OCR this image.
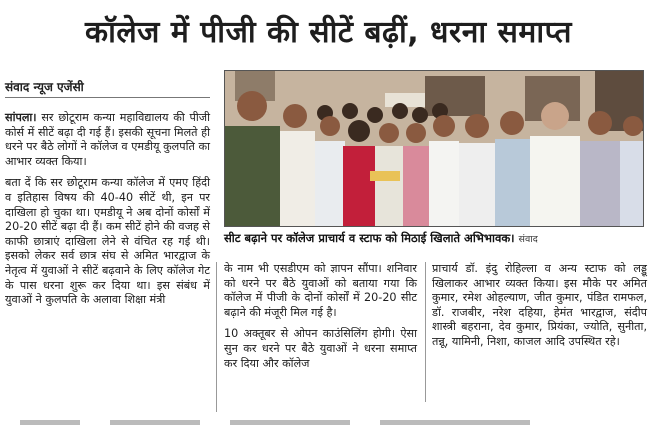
कॉलेज में पीजी की सीटें बढ़ीं, धरना समाप्त
संवाद न्यूज एजेंसी

सांपला। सर छोटूराम कन्या महाविद्यालय की पीजी कोर्स में सीटें बढ़ा दी गई हैं। इसकी सूचना मिलते ही धरने पर बैठे लोगों ने कॉलेज व एमडीयू कुलपति का आभार व्यक्त किया।

बता दें कि सर छोटूराम कन्या कॉलेज में एमए हिंदी व इतिहास विषय की 40-40 सीटें थी, इन पर दाखिला हो चुका था। एमडीयू ने अब दोनों कोर्सों में 20-20 सीटें बढ़ा दी हैं। कम सीटें होने की वजह से काफी छात्राएं दाखिला लेने से वंचित रह गई थी। इसको लेकर सर्व छात्र संघ से अमित भारद्वाज के नेतृत्व में युवाओं ने सीटें बढ़वाने के लिए कॉलेज गेट के पास धरना शुरू कर दिया था। इस संबंध में युवाओं ने कुलपति के अलावा शिक्षा मंत्री

सीट बढ़ाने पर कॉलेज प्राचार्य व स्टाफ को मिठाई खिलाते अभिभावक। संवाद

के नाम भी एसडीएम को ज्ञापन सौंपा। शनिवार को धरने पर बैठे युवाओं को बताया गया कि कॉलेज में पीजी के दोनों कोर्सों में 20-20 सीट बढ़ाने की मंजूरी मिल गई है।

10 अक्तूबर से ओपन काउंसिलिंग होगी। ऐसा सुन कर धरने पर बैठे युवाओं ने धरना समाप्त कर दिया और कॉलेज

प्राचार्य डॉ. इंदु रोहिल्ला व अन्य स्टाफ को लड्डू खिलाकर आभार व्यक्त किया। इस मौके पर अमित कुमार, रमेश ओहल्याण, जीत कुमार, पंडित रामफल, डॉ. राजबीर, नरेश दहिया, हेमंत भारद्वाज, संदीप शास्त्री बहराना, देव कुमार, प्रियंका, ज्योति, सुनीता, तन्नू, यामिनी, निशा, काजल आदि उपस्थित रहे।
